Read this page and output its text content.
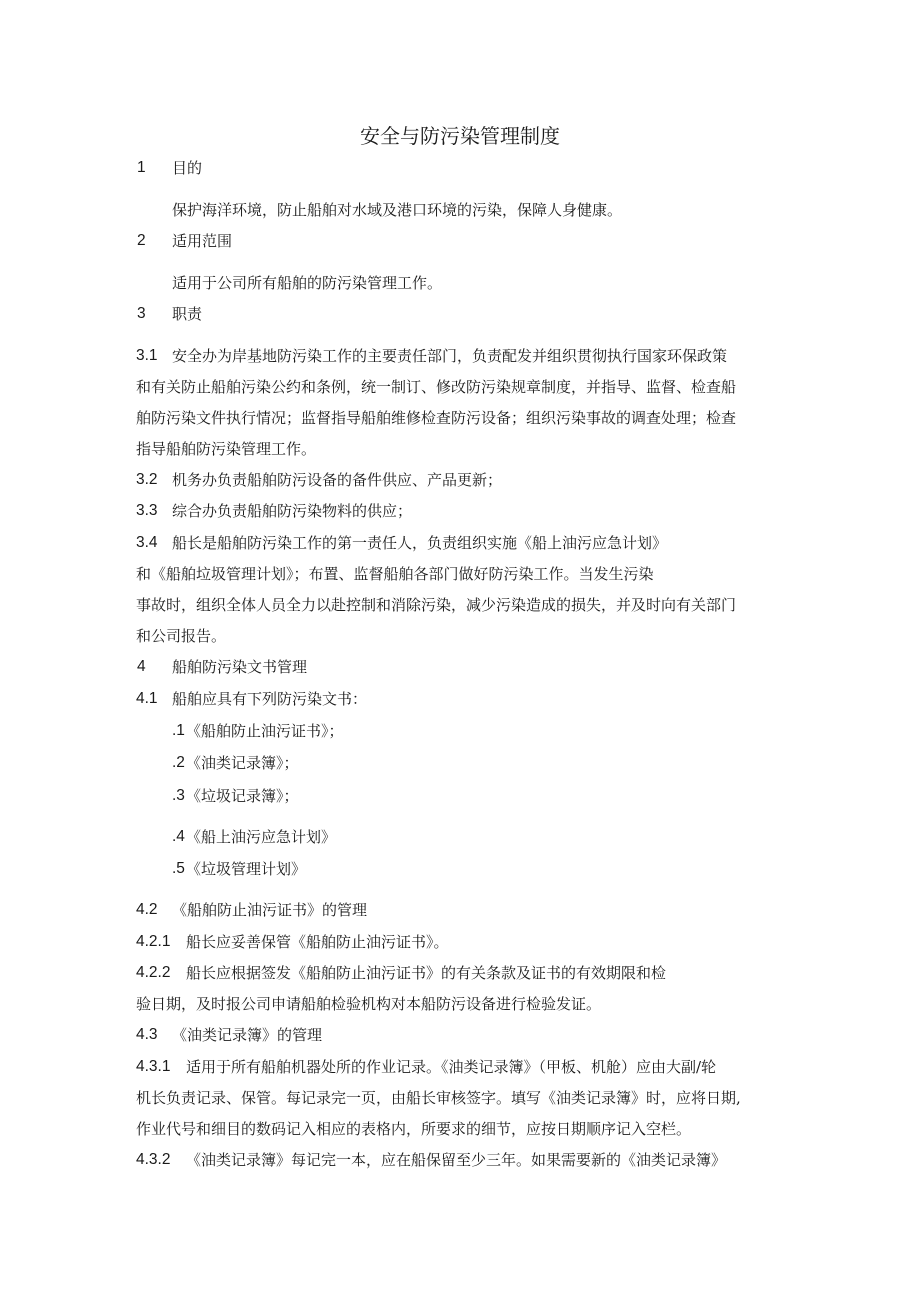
安全与防污染管理制度
1 目的
保护海洋环境，防止船舶对水域及港口环境的污染，保障人身健康。
2 适用范围
适用于公司所有船舶的防污染管理工作。
3 职责
3.1 安全办为岸基地防污染工作的主要责任部门，负责配发并组织贯彻执行国家环保政策
和有关防止船舶污染公约和条例，统一制订、修改防污染规章制度，并指导、监督、检查船
舶防污染文件执行情况；监督指导船舶维修检查防污设备；组织污染事故的调查处理；检查
指导船舶防污染管理工作。
3.2 机务办负责船舶防污设备的备件供应、产品更新；
3.3 综合办负责船舶防污染物料的供应；
3.4 船长是船舶防污染工作的第一责任人，负责组织实施《船上油污应急计划》
和《船舶垃圾管理计划》；布置、监督船舶各部门做好防污染工作。当发生污染
事故时，组织全体人员全力以赴控制和消除污染，减少污染造成的损失，并及时向有关部门
和公司报告。
4 船舶防污染文书管理
4.1 船舶应具有下列防污染文书：
.1 《船舶防止油污证书》；
.2 《油类记录簿》；
.3 《垃圾记录簿》；
.4 《船上油污应急计划》
.5 《垃圾管理计划》
4.2 《船舶防止油污证书》的管理
4.2.1 船长应妥善保管《船舶防止油污证书》。
4.2.2 船长应根据签发《船舶防止油污证书》的有关条款及证书的有效期限和检
验日期，及时报公司申请船舶检验机构对本船防污设备进行检验发证。
4.3 《油类记录簿》的管理
4.3.1 适用于所有船舶机器处所的作业记录。《油类记录簿》（甲板、机舱）应由大副/轮
机长负责记录、保管。每记录完一页，由船长审核签字。填写《油类记录簿》时，应将日期,
作业代号和细目的数码记入相应的表格内，所要求的细节，应按日期顺序记入空栏。
4.3.2 《油类记录簿》每记完一本，应在船保留至少三年。如果需要新的《油类记录簿》
